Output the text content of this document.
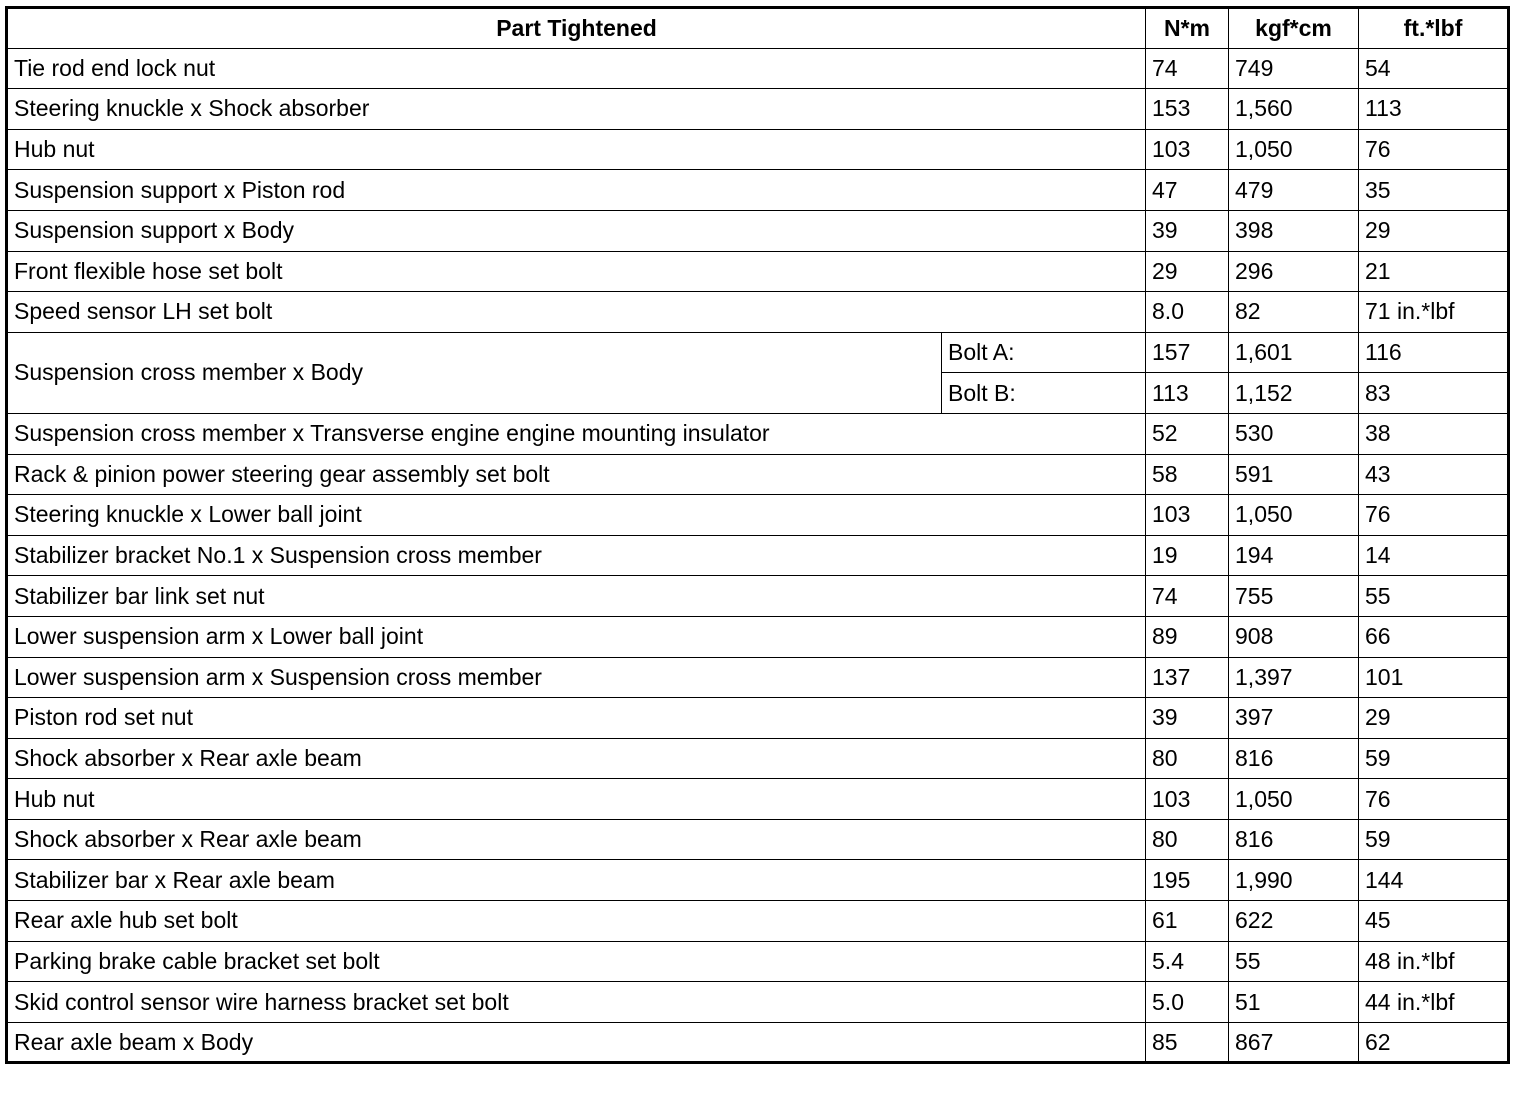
Part Tightened		N*m	kgf*cm	ft.*lbf
Tie rod end lock nut		74	749	54
Steering knuckle x Shock absorber		153	1,560	113
Hub nut		103	1,050	76
Suspension support x Piston rod		47	479	35
Suspension support x Body		39	398	29
Front flexible hose set bolt		29	296	21
Speed sensor LH set bolt		8.0	82	71 in.*lbf
Suspension cross member x Body	Bolt A:	157	1,601	116
	Bolt B:	113	1,152	83
Suspension cross member x Transverse engine engine mounting insulator		52	530	38
Rack & pinion power steering gear assembly set bolt		58	591	43
Steering knuckle x Lower ball joint		103	1,050	76
Stabilizer bracket No.1 x Suspension cross member		19	194	14
Stabilizer bar link set nut		74	755	55
Lower suspension arm x Lower ball joint		89	908	66
Lower suspension arm x Suspension cross member		137	1,397	101
Piston rod set nut		39	397	29
Shock absorber x Rear axle beam		80	816	59
Hub nut		103	1,050	76
Shock absorber x Rear axle beam		80	816	59
Stabilizer bar x Rear axle beam		195	1,990	144
Rear axle hub set bolt		61	622	45
Parking brake cable bracket set bolt		5.4	55	48 in.*lbf
Skid control sensor wire harness bracket set bolt		5.0	51	44 in.*lbf
Rear axle beam x Body		85	867	62
